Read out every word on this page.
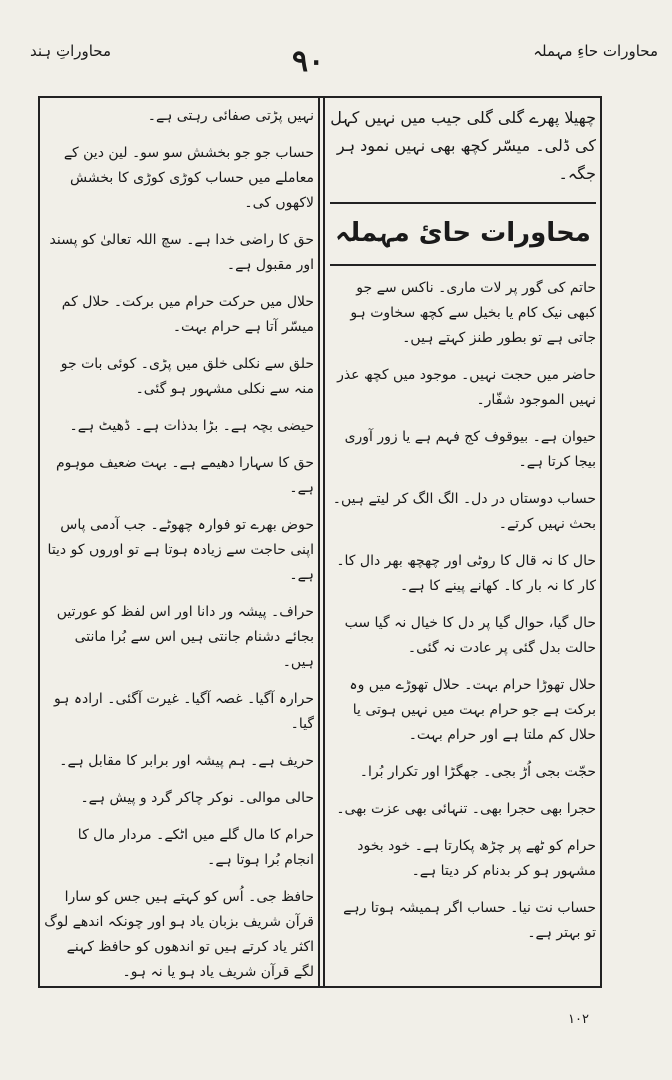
محاورات حاءِ مہملہ
۹۰
محاوراتِ ہند

چھیلا پھرے گلی گلی جیب میں نہیں کہل کی ڈلی۔ میسّر کچھ بھی نہیں نمود ہر جگہ۔

محاورات حائ مہملہ

حاتم کی گور پر لات ماری۔ ناکس سے جو کبھی نیک کام یا بخیل سے کچھ سخاوت ہو جاتی ہے تو بطور طنز کہتے ہیں۔

حاضر میں حجت نہیں۔ موجود میں کچھ عذر نہیں الموجود شفّار۔

حیوان ہے۔ بیوقوف کج فہم ہے یا زور آوری بیجا کرتا ہے۔

حساب دوستاں در دل۔ الگ الگ کر لیتے ہیں۔ بحث نہیں کرتے۔

حال کا نہ قال کا روٹی اور چھچھ بھر دال کا۔ کار کا نہ بار کا۔ کھانے پینے کا ہے۔

حال گیا، حوال گیا پر دل کا خیال نہ گیا سب حالت بدل گئی پر عادت نہ گئی۔

حلال تھوڑا حرام بہت۔ حلال تھوڑے میں وہ برکت ہے جو حرام بہت میں نہیں ہوتی یا حلال کم ملتا ہے اور حرام بہت۔

حجّت بجی اُڑ بجی۔ جھگڑا اور تکرار بُرا۔

حجرا بھی حجرا بھی۔ تنہائی بھی عزت بھی۔

حرام کو ٹھے پر چڑھ پکارتا ہے۔ خود بخود مشہور ہو کر بدنام کر دیتا ہے۔

حساب نت نیا۔ حساب اگر ہمیشہ ہوتا رہے تو بہتر ہے۔

نہیں پڑتی صفائی رہتی ہے۔

حساب جو جو بخشش سو سو۔ لین دین کے معاملے میں حساب کوڑی کوڑی کا بخشش لاکھوں کی۔

حق کا راضی خدا ہے۔ سچ اللہ تعالیٰ کو پسند اور مقبول ہے۔

حلال میں حرکت حرام میں برکت۔ حلال کم میسّر آتا ہے حرام بہت۔

حلق سے نکلی خلق میں پڑی۔ کوئی بات جو منہ سے نکلی مشہور ہو گئی۔

حیضی بچہ ہے۔ بڑا بدذات ہے۔ ڈھیٹ ہے۔

حق کا سہارا دھیمے ہے۔ بہت ضعیف موہوم ہے۔

حوض بھرے تو فوارہ چھوٹے۔ جب آدمی پاس اپنی حاجت سے زیادہ ہوتا ہے تو اوروں کو دیتا ہے۔

حراف۔ پیشہ ور دانا اور اس لفظ کو عورتیں بجائے دشنام جانتی ہیں اس سے بُرا مانتی ہیں۔

حرارہ آگیا۔ غصہ آگیا۔ غیرت آگئی۔ ارادہ ہو گیا۔

حریف ہے۔ ہم پیشہ اور برابر کا مقابل ہے۔

حالی موالی۔ نوکر چاکر گرد و پیش ہے۔

حرام کا مال گلے میں اٹکے۔ مردار مال کا انجام بُرا ہوتا ہے۔

حافظ جی۔ اُس کو کہتے ہیں جس کو سارا قرآن شریف بزبان یاد ہو اور چونکہ اندھے لوگ اکثر یاد کرتے ہیں تو اندھوں کو حافظ کہنے لگے قرآن شریف یاد ہو یا نہ ہو۔

۱۰۲
